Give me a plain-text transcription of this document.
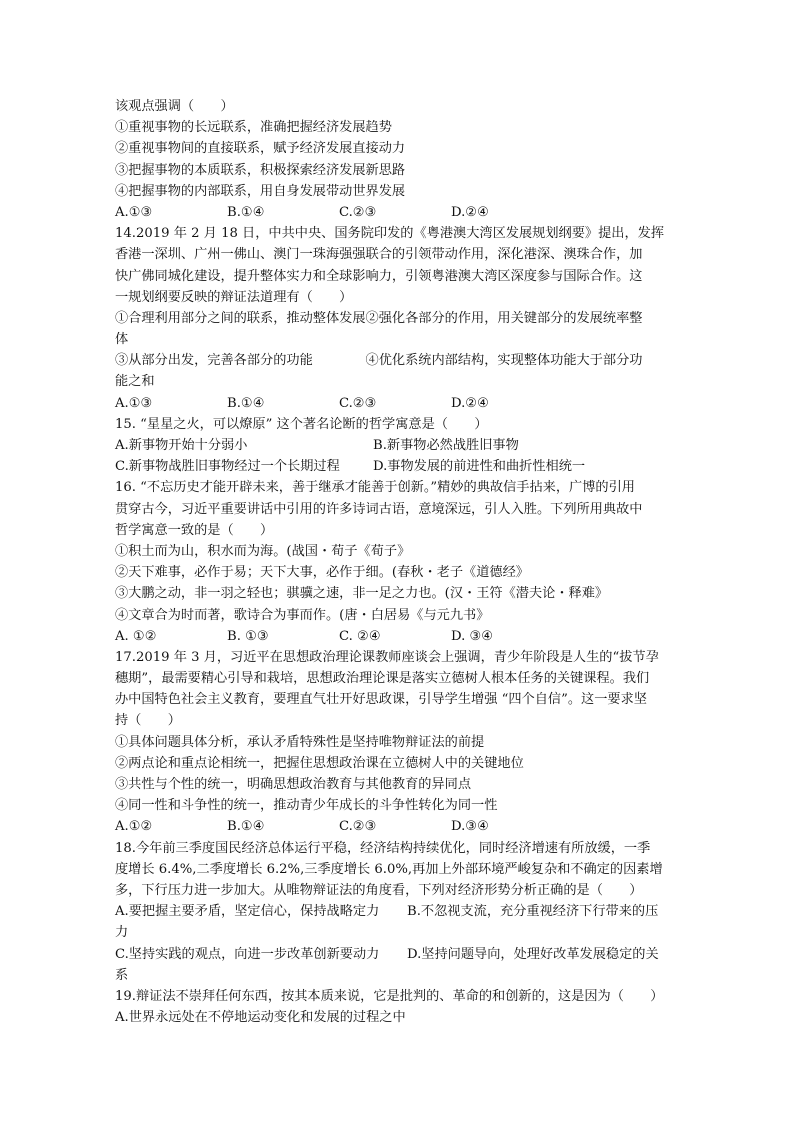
该观点强调（　　）
①重视事物的长远联系，准确把握经济发展趋势
②重视事物间的直接联系，赋予经济发展直接动力
③把握事物的本质联系，积极探索经济发展新思路
④把握事物的内部联系，用自身发展带动世界发展
A.①③	B.①④	C.②③	D.②④
14.2019 年 2 月 18 日，中共中央、国务院印发的《粤港澳大湾区发展规划纲要》提出，发挥
香港一深圳、广州一佛山、澳门一珠海强强联合的引领带动作用，深化港深、澳珠合作，加
快广佛同城化建设，提升整体实力和全球影响力，引领粤港澳大湾区深度参与国际合作。这
一规划纲要反映的辩证法道理有（　　）
①合理利用部分之间的联系，推动整体发展②强化各部分的作用，用关键部分的发展统率整
体
③从部分出发，完善各部分的功能　　　　④优化系统内部结构，实现整体功能大于部分功
能之和
A.①③	B.①④	C.②③	D.②④
15. “星星之火，可以燎原” 这个著名论断的哲学寓意是（　　）
A.新事物开始十分弱小	B.新事物必然战胜旧事物
C.新事物战胜旧事物经过一个长期过程	D.事物发展的前进性和曲折性相统一
16. “不忘历史才能开辟未来，善于继承才能善于创新。”精妙的典故信手拈来，广博的引用
贯穿古今，习近平重要讲话中引用的许多诗词古语，意境深远，引人入胜。下列所用典故中
哲学寓意一致的是（　　）
①积土而为山，积水而为海。(战国・荀子《荀子》
②天下难事，必作于易；天下大事，必作于细。(春秋・老子《道德经》
③大鹏之动，非一羽之轻也；骐骥之速，非一足之力也。(汉・王符《潜夫论・释难》
④文章合为时而著，歌诗合为事而作。(唐・白居易《与元九书》
A. ①②	B. ①③	C. ②④	D. ③④
17.2019 年 3 月，习近平在思想政治理论课教师座谈会上强调，青少年阶段是人生的“拔节孕
穗期”，最需要精心引导和栽培，思想政治理论课是落实立德树人根本任务的关键课程。我们
办中国特色社会主义教育，要理直气壮开好思政课，引导学生增强 “四个自信”。这一要求坚
持（　　）
①具体问题具体分析，承认矛盾特殊性是坚持唯物辩证法的前提
②两点论和重点论相统一，把握住思想政治课在立德树人中的关键地位
③共性与个性的统一，明确思想政治教育与其他教育的异同点
④同一性和斗争性的统一，推动青少年成长的斗争性转化为同一性
A.①②	B.①④	C.②③	D.③④
18.今年前三季度国民经济总体运行平稳，经济结构持续优化，同时经济增速有所放缓，一季
度增长 6.4%,二季度增长 6.2%,三季度增长 6.0%,再加上外部环境严峻复杂和不确定的因素增
多，下行压力进一步加大。从唯物辩证法的角度看，下列对经济形势分析正确的是（　　）
A.要把握主要矛盾，坚定信心，保持战略定力	B.不忽视支流，充分重视经济下行带来的压
力
C.坚持实践的观点，向进一步改革创新要动力	D.坚持问题导向，处理好改革发展稳定的关
系
19.辩证法不崇拜任何东西，按其本质来说，它是批判的、革命的和创新的，这是因为（　　）
A.世界永远处在不停地运动变化和发展的过程之中
